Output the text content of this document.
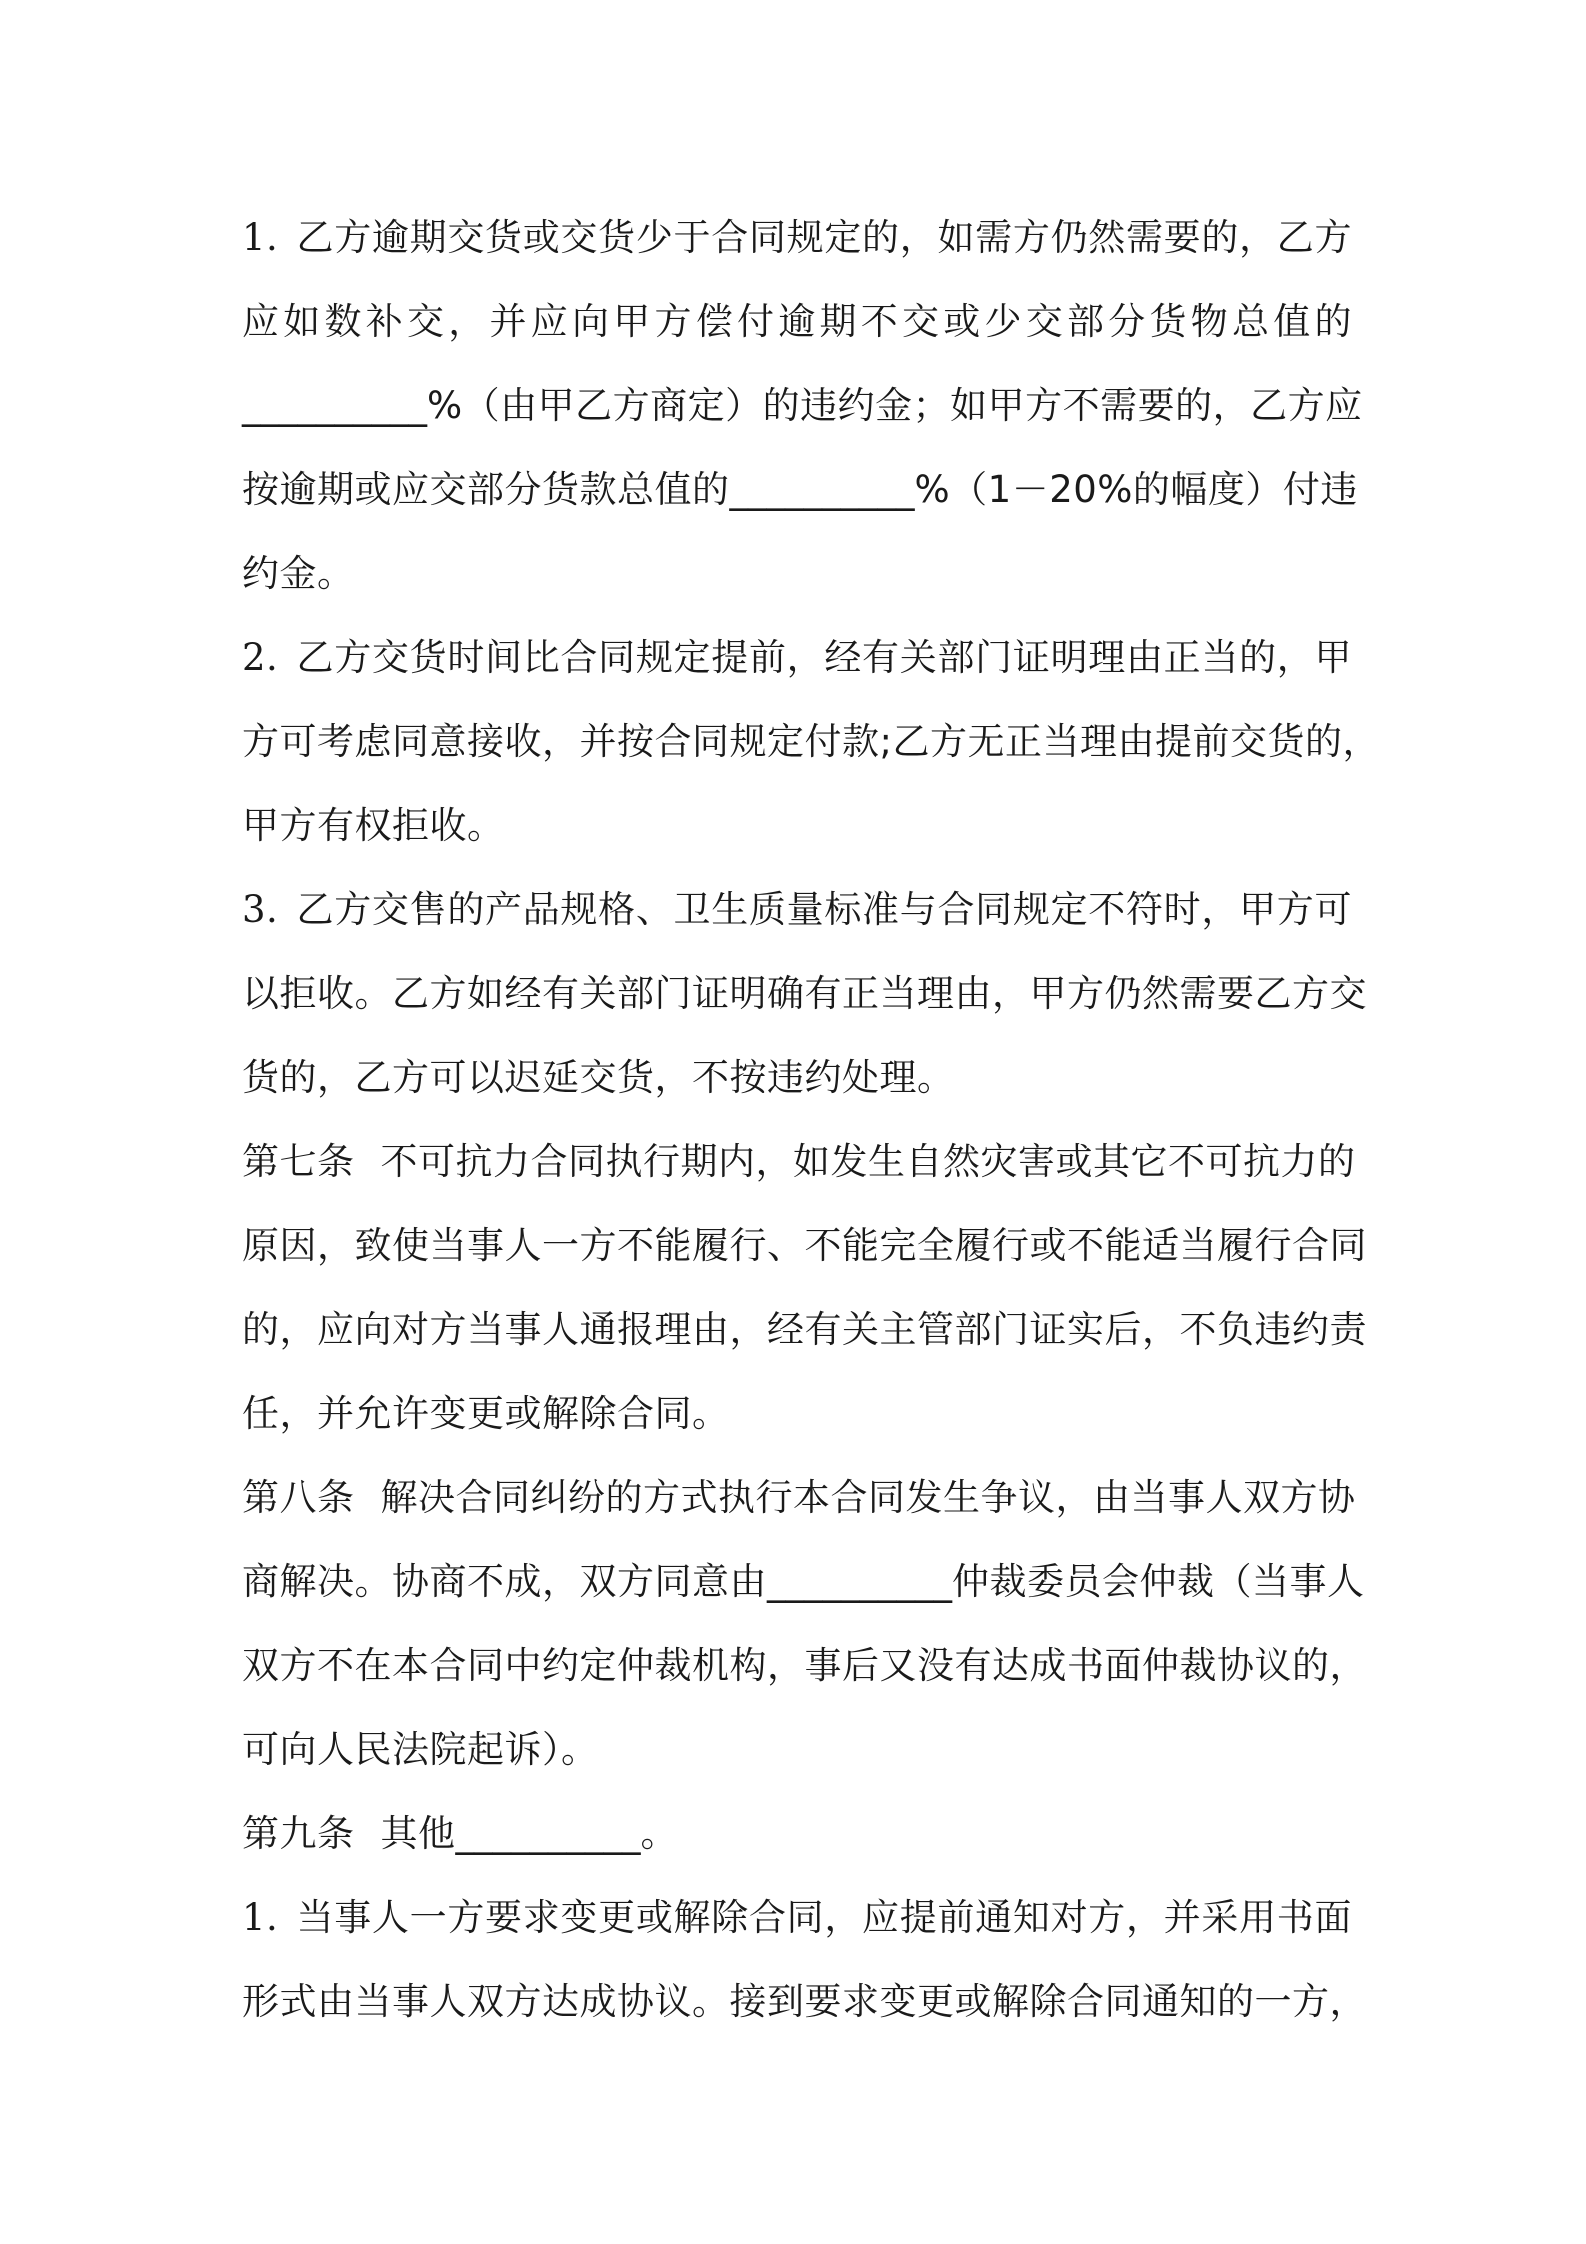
1. 乙方逾期交货或交货少于合同规定的，如需方仍然需要的，乙方
应如数补交，并应向甲方偿付逾期不交或少交部分货物总值的
__________%（由甲乙方商定）的违约金；如甲方不需要的，乙方应
按逾期或应交部分货款总值的__________%（1－20%的幅度）付违
约金。
2. 乙方交货时间比合同规定提前，经有关部门证明理由正当的，甲
方可考虑同意接收，并按合同规定付款;乙方无正当理由提前交货的，
甲方有权拒收。
3. 乙方交售的产品规格、卫生质量标准与合同规定不符时，甲方可
以拒收。乙方如经有关部门证明确有正当理由，甲方仍然需要乙方交
货的，乙方可以迟延交货，不按违约处理。
第七条 不可抗力合同执行期内，如发生自然灾害或其它不可抗力的
原因，致使当事人一方不能履行、不能完全履行或不能适当履行合同
的，应向对方当事人通报理由，经有关主管部门证实后，不负违约责
任，并允许变更或解除合同。
第八条 解决合同纠纷的方式执行本合同发生争议，由当事人双方协
商解决。协商不成，双方同意由__________仲裁委员会仲裁（当事人
双方不在本合同中约定仲裁机构，事后又没有达成书面仲裁协议的，
可向人民法院起诉）。
第九条 其他__________。
1. 当事人一方要求变更或解除合同，应提前通知对方，并采用书面
形式由当事人双方达成协议。接到要求变更或解除合同通知的一方，
